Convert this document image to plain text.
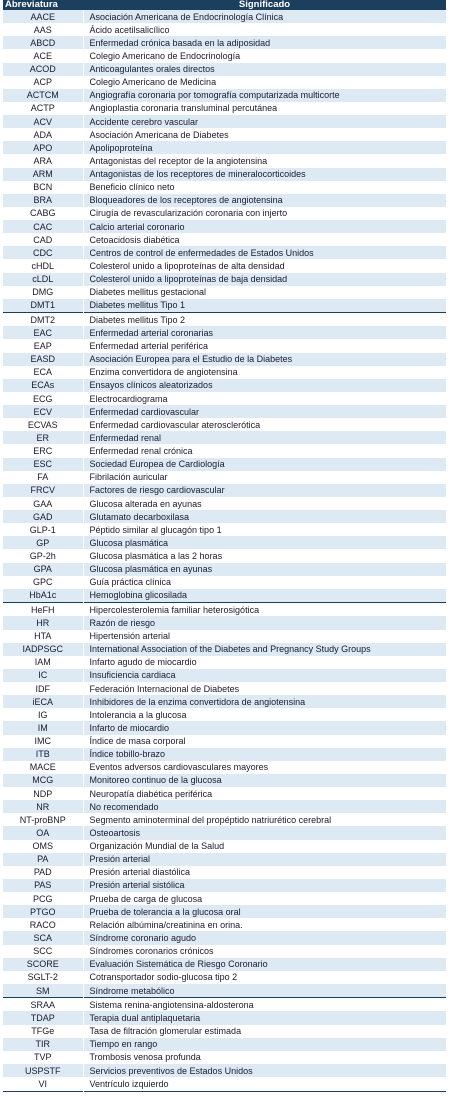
Abreviatura	Significado
AACE	Asociación Americana de Endocrinología Clínica
AAS	Ácido acetilsalicílico
ABCD	Enfermedad crónica basada en la adiposidad
ACE	Colegio Americano de Endocrinología
ACOD	Anticoagulantes orales directos
ACP	Colegio Americano de Medicina
ACTCM	Angiografía coronaria por tomografía computarizada multicorte
ACTP	Angioplastia coronaria transluminal percutánea
ACV	Accidente cerebro vascular
ADA	Asociación Americana de Diabetes
APO	Apolipoproteína
ARA	Antagonistas del receptor de la angiotensina
ARM	Antagonistas de los receptores de mineralocorticoides
BCN	Beneficio clínico neto
BRA	Bloqueadores de los receptores de angiotensina
CABG	Cirugía de revascularización coronaria con injerto
CAC	Calcio arterial coronario
CAD	Cetoacidosis diabética
CDC	Centros de control de enfermedades de Estados Unidos
cHDL	Colesterol unido a lipoproteínas de alta densidad
cLDL	Colesterol unido a lipoproteínas de baja densidad
DMG	Diabetes mellitus gestacional
DMT1	Diabetes mellitus Tipo 1
DMT2	Diabetes mellitus Tipo 2
EAC	Enfermedad arterial coronarias
EAP	Enfermedad arterial periférica
EASD	Asociación Europea para el Estudio de la Diabetes
ECA	Enzima convertidora de angiotensina
ECAs	Ensayos clínicos aleatorizados
ECG	Electrocardiograma
ECV	Enfermedad cardiovascular
ECVAS	Enfermedad cardiovascular aterosclerótica
ER	Enfermedad renal
ERC	Enfermedad renal crónica
ESC	Sociedad Europea de Cardiología
FA	Fibrilación auricular
FRCV	Factores de riesgo cardiovascular
GAA	Glucosa alterada en ayunas
GAD	Glutamato decarboxilasa
GLP-1	Péptido similar al glucagón tipo 1
GP	Glucosa plasmática
GP-2h	Glucosa plasmática a las 2 horas
GPA	Glucosa plasmática en ayunas
GPC	Guía práctica clínica
HbA1c	Hemoglobina glicosilada
HeFH	Hipercolesterolemia familiar heterosigótica
HR	Razón de riesgo
HTA	Hipertensión arterial
IADPSGC	International Association of the Diabetes and Pregnancy Study Groups
IAM	Infarto agudo de miocardio
IC	Insuficiencia cardiaca
IDF	Federación Internacional de Diabetes
iECA	Inhibidores de la enzima convertidora de angiotensina
IG	Intolerancia a la glucosa
IM	Infarto de miocardio
IMC	Índice de masa corporal
ITB	Índice tobillo-brazo
MACE	Eventos adversos cardiovasculares mayores
MCG	Monitoreo continuo de la glucosa
NDP	Neuropatía diabética periférica
NR	No recomendado
NT-proBNP	Segmento aminoterminal del propéptido natriurético cerebral
OA	Osteoartosis
OMS	Organización Mundial de la Salud
PA	Presión arterial
PAD	Presión arterial diastólica
PAS	Presión arterial sistólica
PCG	Prueba de carga de glucosa
PTGO	Prueba de tolerancia a la glucosa oral
RACO	Relación albúmina/creatinina en orina.
SCA	Síndrome coronario agudo
SCC	Síndromes coronarios crónicos
SCORE	Evaluación Sistemática de Riesgo Coronario
SGLT-2	Cotransportador sodio-glucosa tipo 2
SM	Síndrome metabólico
SRAA	Sistema renina-angiotensina-aldosterona
TDAP	Terapia dual antiplaquetaria
TFGe	Tasa de filtración glomerular estimada
TIR	Tiempo en rango
TVP	Trombosis venosa profunda
USPSTF	Servicios preventivos de Estados Unidos
VI	Ventrículo izquierdo
